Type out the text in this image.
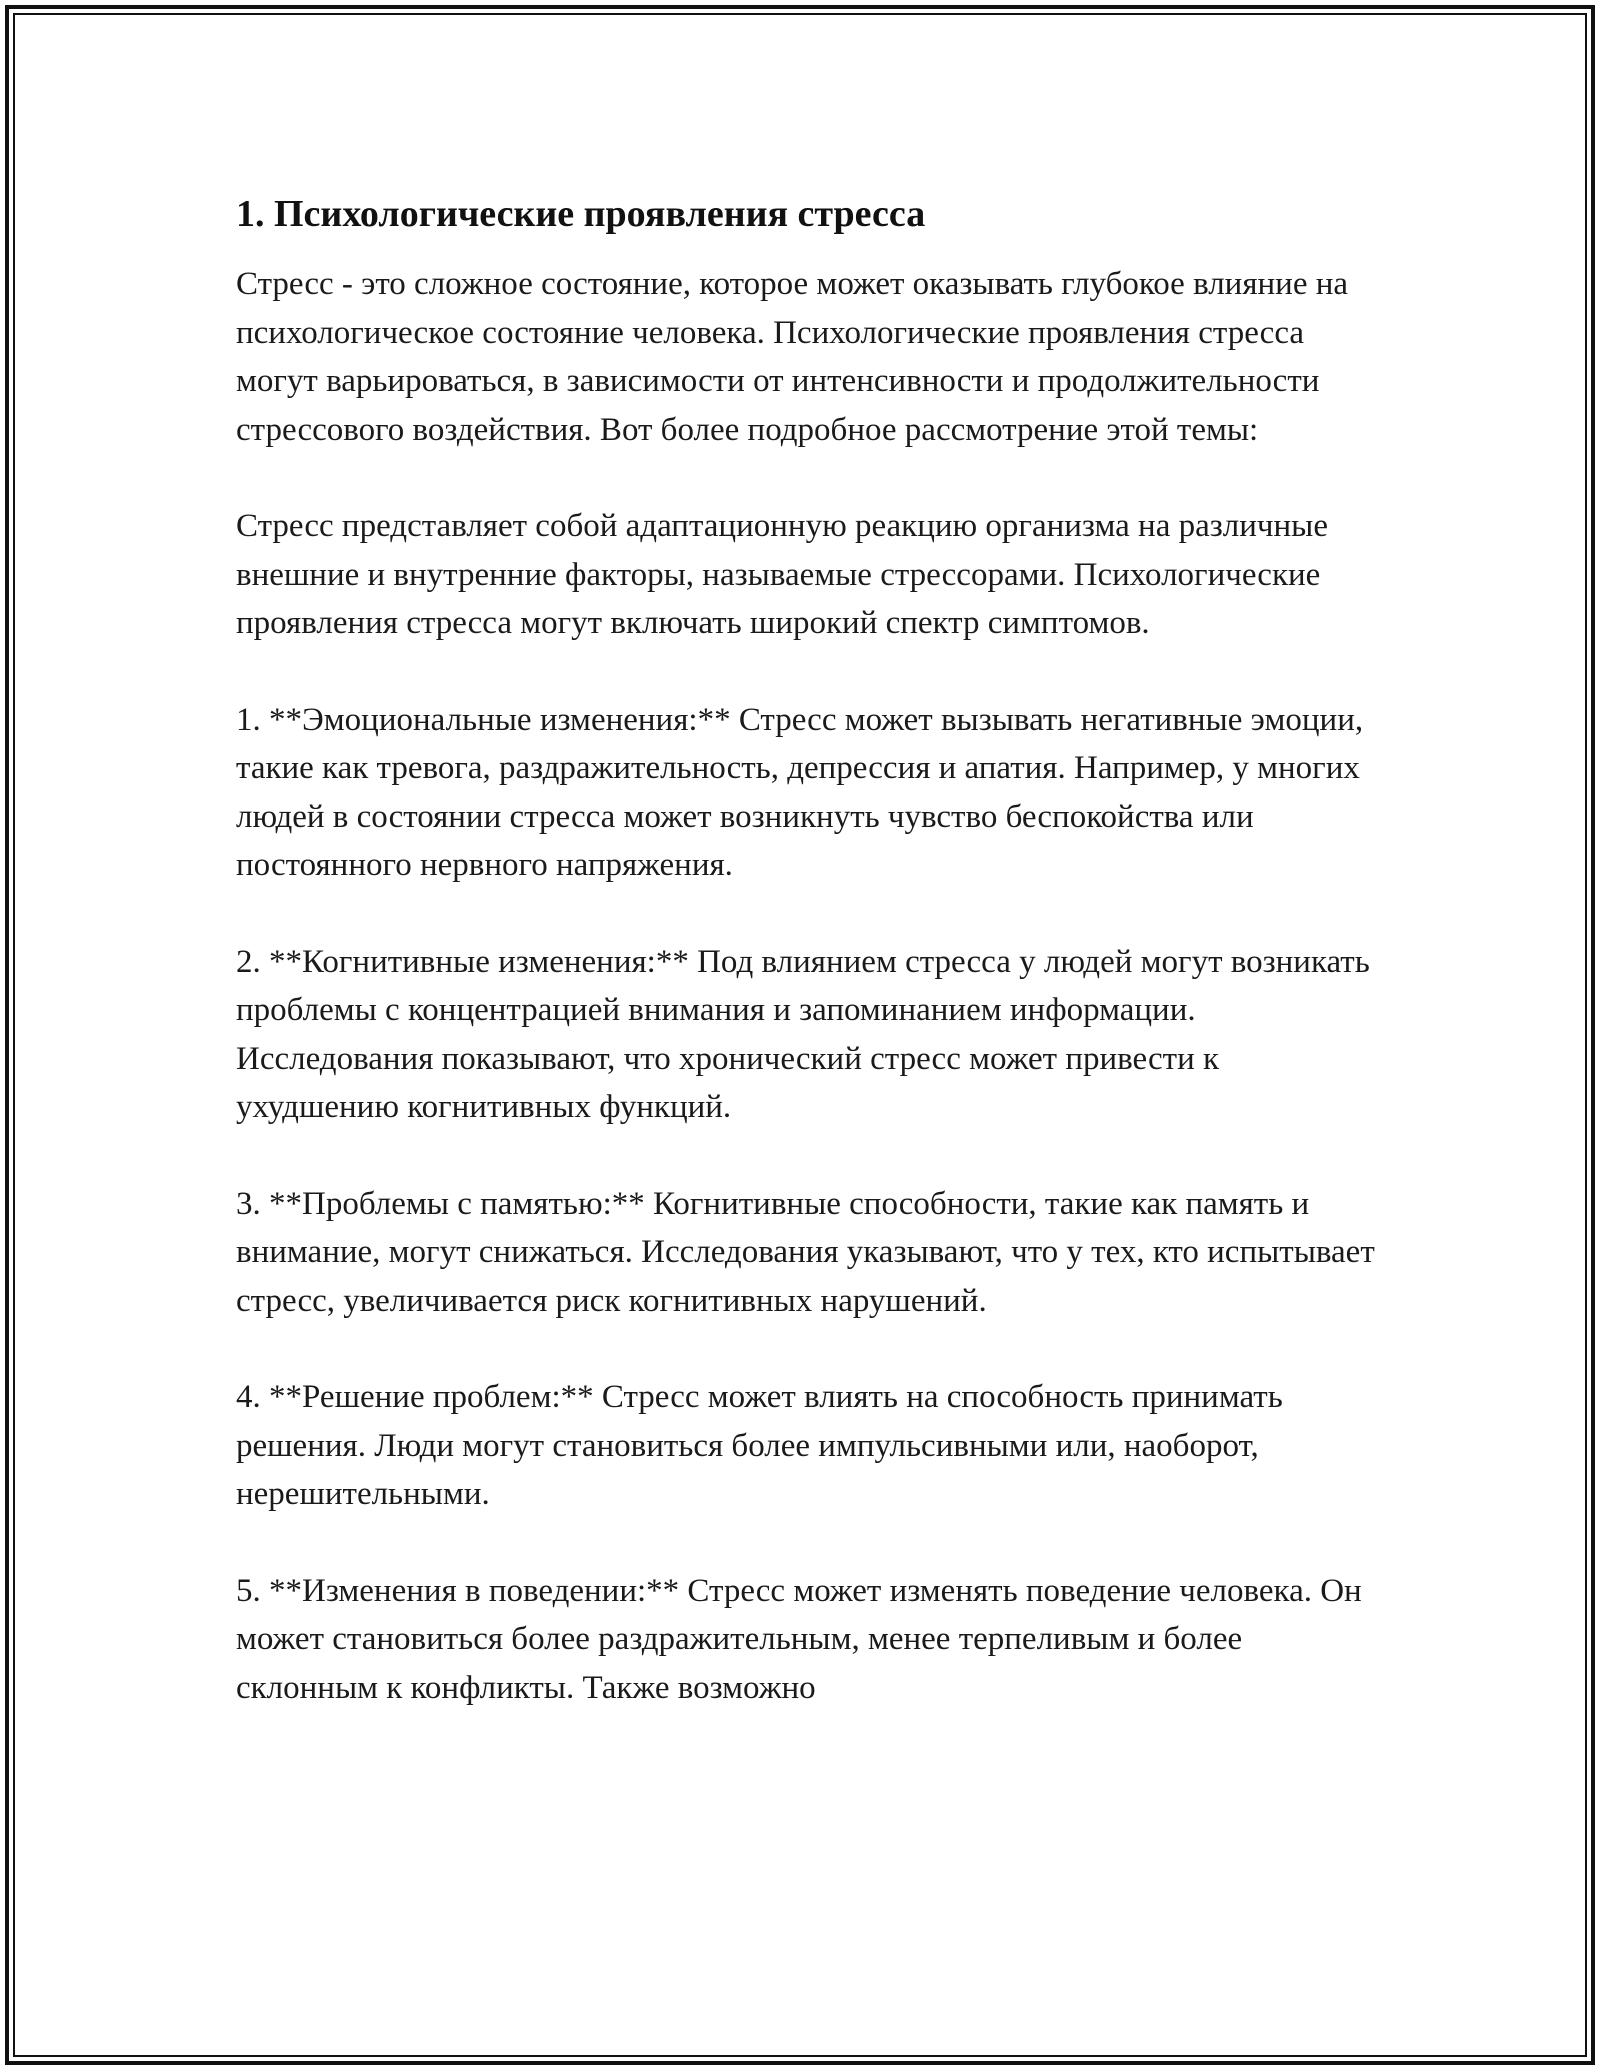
1. Психологические проявления стресса

Стресс - это сложное состояние, которое может оказывать глубокое влияние на психологическое состояние человека. Психологические проявления стресса могут варьироваться, в зависимости от интенсивности и продолжительности стрессового воздействия. Вот более подробное рассмотрение этой темы:

Стресс представляет собой адаптационную реакцию организма на различные внешние и внутренние факторы, называемые стрессорами. Психологические проявления стресса могут включать широкий спектр симптомов.

1. **Эмоциональные изменения:** Стресс может вызывать негативные эмоции, такие как тревога, раздражительность, депрессия и апатия. Например, у многих людей в состоянии стресса может возникнуть чувство беспокойства или постоянного нервного напряжения.

2. **Когнитивные изменения:** Под влиянием стресса у людей могут возникать проблемы с концентрацией внимания и запоминанием информации. Исследования показывают, что хронический стресс может привести к ухудшению когнитивных функций.

3. **Проблемы с памятью:** Когнитивные способности, такие как память и внимание, могут снижаться. Исследования указывают, что у тех, кто испытывает стресс, увеличивается риск когнитивных нарушений.

4. **Решение проблем:** Стресс может влиять на способность принимать решения. Люди могут становиться более импульсивными или, наоборот, нерешительными.

5. **Изменения в поведении:** Стресс может изменять поведение человека. Он может становиться более раздражительным, менее терпеливым и более склонным к конфликты. Также возможно
